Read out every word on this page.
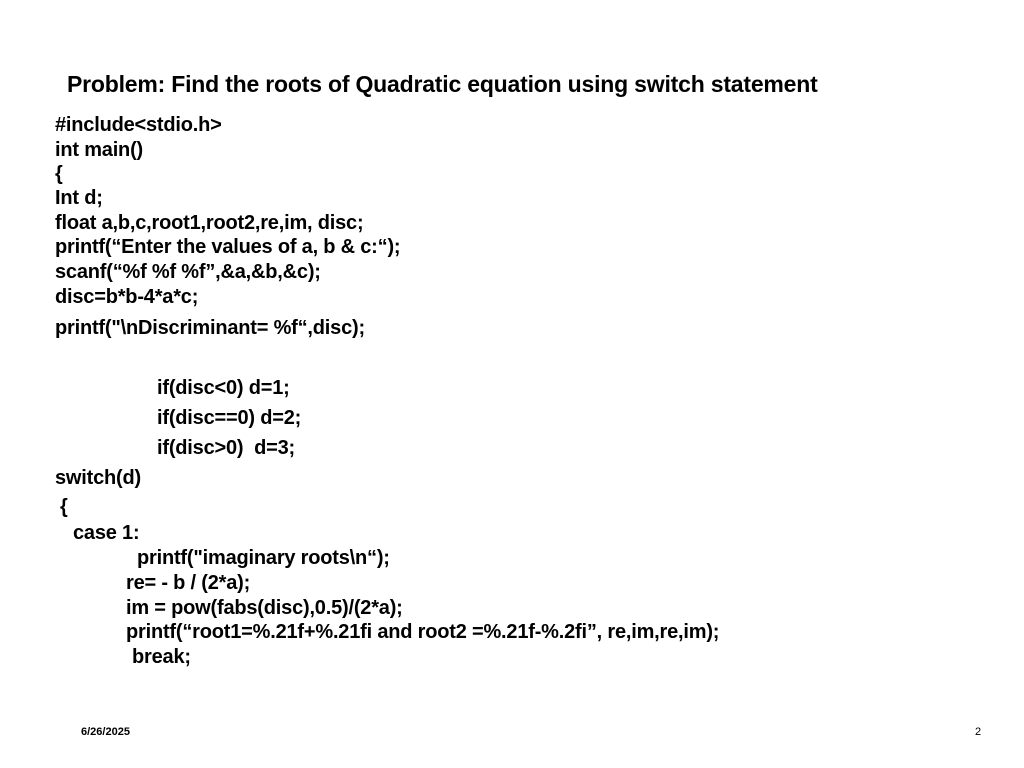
Problem: Find the roots of Quadratic equation using switch statement
#include<stdio.h>
int main()
{
Int d;
float a,b,c,root1,root2,re,im, disc;
printf(“Enter the values of a, b & c:“);
scanf(“%f %f %f”,&a,&b,&c);
disc=b*b-4*a*c;
printf("\nDiscriminant= %f“,disc);
if(disc<0) d=1;
if(disc==0) d=2;
if(disc>0)  d=3;
switch(d)
{
case 1:
printf("imaginary roots\n“);
re= - b / (2*a);
im = pow(fabs(disc),0.5)/(2*a);
printf(“root1=%.21f+%.21fi and root2 =%.21f-%.2fi”, re,im,re,im);
break;
6/26/2025	2
